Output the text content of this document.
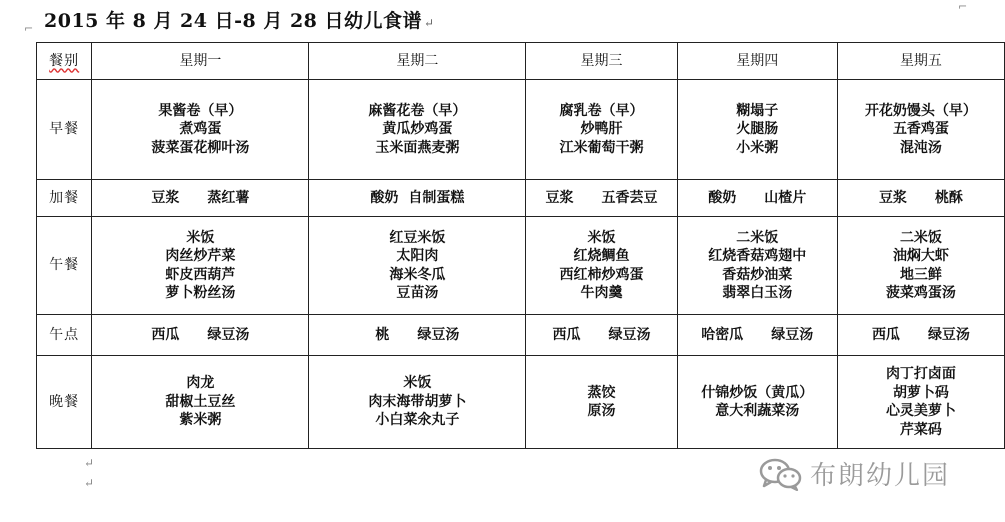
2015 年 8 月 24 日-8 月 28 日幼儿食谱 ↵
⌐
⌐
餐别	星期一	星期二	星期三	星期四	星期五
早餐	果酱卷（早）
煮鸡蛋
菠菜蛋花柳叶汤	麻酱花卷（早）
黄瓜炒鸡蛋
玉米面燕麦粥	腐乳卷（早）
炒鸭肝
江米葡萄干粥	糊塌子
火腿肠
小米粥	开花奶馒头（早）
五香鸡蛋
混沌汤

加餐	豆浆 蒸红薯	酸奶 自制蛋糕	豆浆 五香芸豆	酸奶 山楂片	豆浆 桃酥
午餐	米饭
肉丝炒芹菜
虾皮西葫芦
萝卜粉丝汤	红豆米饭
太阳肉
海米冬瓜
豆苗汤	米饭
红烧鲷鱼
西红柿炒鸡蛋
牛肉羹	二米饭
红烧香菇鸡翅中
香菇炒油菜
翡翠白玉汤	二米饭
油焖大虾
地三鲜
菠菜鸡蛋汤

午点	西瓜 绿豆汤	桃 绿豆汤	西瓜 绿豆汤	哈密瓜 绿豆汤	西瓜 绿豆汤
晚餐	肉龙
甜椒土豆丝
紫米粥	米饭
肉末海带胡萝卜
小白菜氽丸子	蒸饺
原汤	什锦炒饭（黄瓜）
意大利蔬菜汤	肉丁打卤面
胡萝卜码
心灵美萝卜
芹菜码
↵
↵	布朗幼儿园
